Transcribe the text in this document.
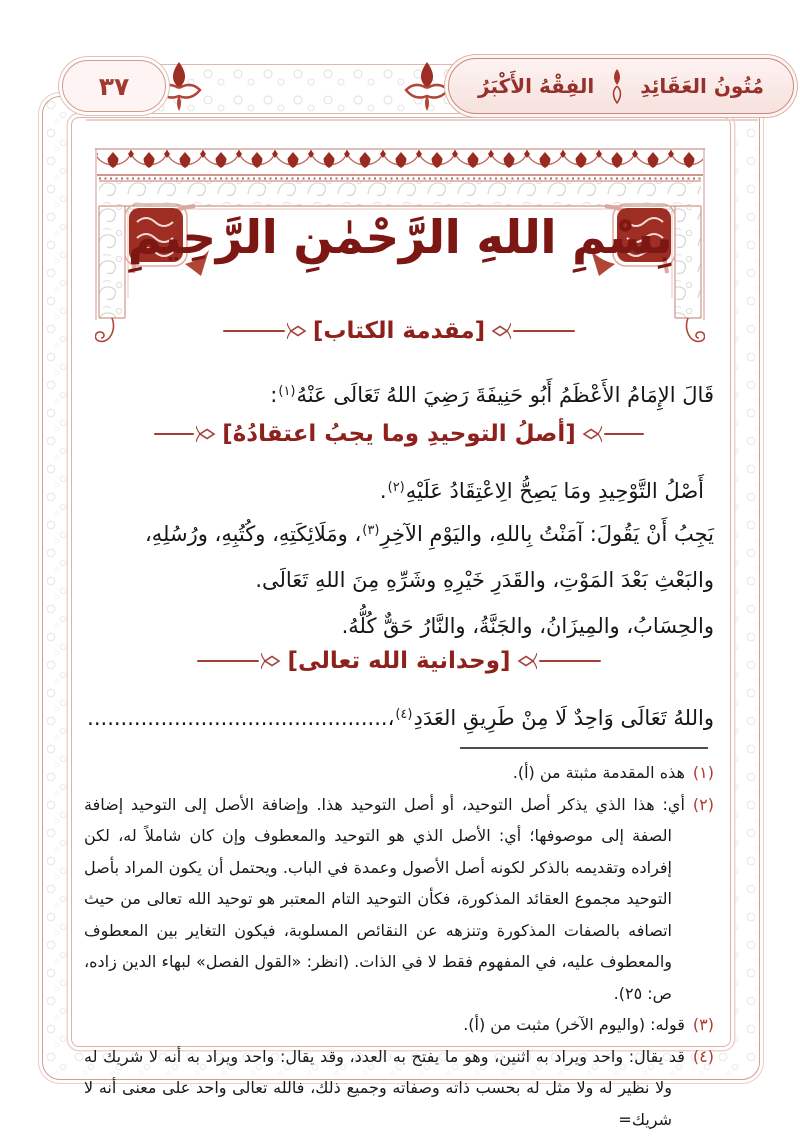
٣٧	مُتُونُ العَقَائِدِ
الفِقْهُ الأَكْبَرُ
بِسْمِ اللهِ الرَّحْمٰنِ الرَّحِيمِ
[مقدمة الكتاب]
قَالَ الإِمَامُ الأَعْظَمُ أَبُو حَنِيفَةَ رَضِيَ اللهُ تَعَالَى عَنْهُ$^{(١)}$:
[أصلُ التوحيدِ وما يجبُ اعتقادُهُ]
أَصْلُ التَّوْحِيدِ ومَا يَصِحُّ الِاعْتِقَادُ عَلَيْهِ$^{(٢)}$.
يَجِبُ أَنْ يَقُولَ: آمَنْتُ بِاللهِ، واليَوْمِ الآخِرِ$^{(٣)}$، ومَلَائِكَتِهِ، وكُتُبِهِ، ورُسُلِهِ،
والبَعْثِ بَعْدَ المَوْتِ، والقَدَرِ خَيْرِهِ وشَرِّهِ مِنَ اللهِ تَعَالَى.
والحِسَابُ، والمِيزَانُ، والجَنَّةُ، والنَّارُ حَقٌّ كُلُّهُ.
[وحدانية الله تعالى]
واللهُ تَعَالَى وَاحِدٌ لَا مِنْ طَرِيقِ العَدَدِ$^{(٤)}$،.............................................
(١)هذه المقدمة مثبتة من (أ).
(٢)أي: هذا الذي يذكر أصل التوحيد، أو أصل التوحيد هذا. وإضافة الأصل إلى التوحيد إضافة الصفة إلى موصوفها؛ أي: الأصل الذي هو التوحيد والمعطوف وإن كان شاملاً له، لكن إفراده وتقديمه بالذكر لكونه أصل الأصول وعمدة في الباب. ويحتمل أن يكون المراد بأصل التوحيد مجموع العقائد المذكورة، فكأن التوحيد التام المعتبر هو توحيد الله تعالى من حيث اتصافه بالصفات المذكورة وتنزهه عن النقائص المسلوبة، فيكون التغاير بين المعطوف والمعطوف عليه، في المفهوم فقط لا في الذات. (انظر: «القول الفصل» لبهاء الدين زاده، ص: ٢٥).
(٣)قوله: (واليوم الآخر) مثبت من (أ).
(٤)قد يقال: واحد ويراد به اثنين، وهو ما يفتح به العدد، وقد يقال: واحد ويراد به أنه لا شريك له ولا نظير له ولا مثل له بحسب ذاته وصفاته وجميع ذلك، فالله تعالى واحد على معنى أنه لا شريك=
